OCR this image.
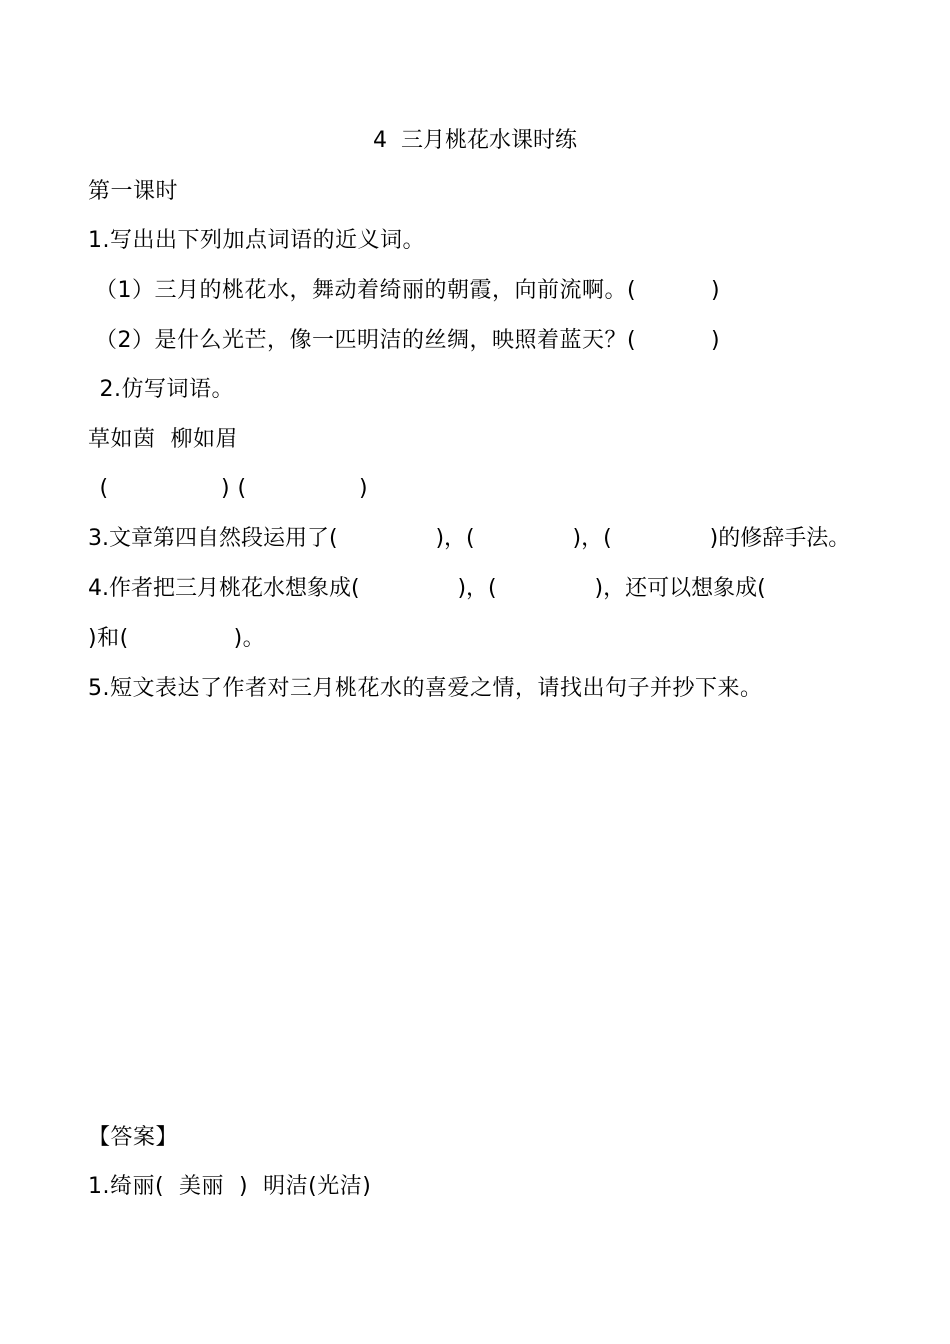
4  三月桃花水课时练
第一课时
1.写出出下列加点词语的近义词。
（1）三月的桃花水，舞动着绮丽的朝霞，向前流啊。(          )
（2）是什么光芒，像一匹明洁的丝绸，映照着蓝天？(          )
2.仿写词语。
草如茵  柳如眉
(               ) (               )
3.文章第四自然段运用了(              )，(              )，(              )的修辞手法。
4.作者把三月桃花水想象成(              )，(              )，还可以想象成(
)和(              )。
5.短文表达了作者对三月桃花水的喜爱之情，请找出句子并抄下来。
【答案】
1.绮丽(  美丽  )  明洁(光洁)
